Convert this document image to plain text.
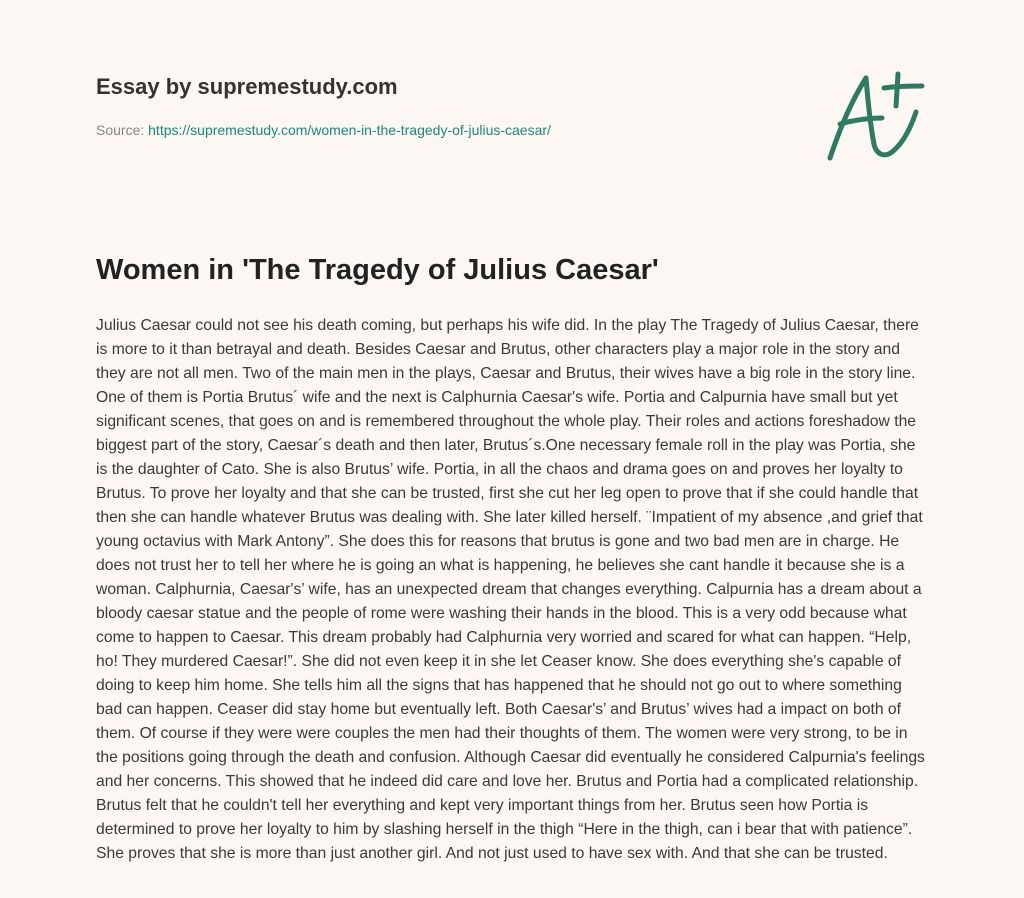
Essay by supremestudy.com
Source: https://supremestudy.com/women-in-the-tragedy-of-julius-caesar/
Women in 'The Tragedy of Julius Caesar'

Julius Caesar could not see his death coming, but perhaps his wife did. In the play The Tragedy of Julius Caesar, there is more to it than betrayal and death. Besides Caesar and Brutus, other characters play a major role in the story and they are not all men. Two of the main men in the plays, Caesar and Brutus, their wives have a big role in the story line. One of them is Portia Brutus´ wife and the next is Calphurnia Caesar's wife. Portia and Calpurnia have small but yet significant scenes, that goes on and is remembered throughout the whole play. Their roles and actions foreshadow the biggest part of the story, Caesar´s death and then later, Brutus´s.One necessary female roll in the play was Portia, she is the daughter of Cato. She is also Brutus’ wife. Portia, in all the chaos and drama goes on and proves her loyalty to Brutus. To prove her loyalty and that she can be trusted, first she cut her leg open to prove that if she could handle that then she can handle whatever Brutus was dealing with. She later killed herself. ¨Impatient of my absence ,and grief that young octavius with Mark Antony”. She does this for reasons that brutus is gone and two bad men are in charge. He does not trust her to tell her where he is going an what is happening, he believes she cant handle it because she is a woman. Calphurnia, Caesar's’ wife, has an unexpected dream that changes everything. Calpurnia has a dream about a bloody caesar statue and the people of rome were washing their hands in the blood. This is a very odd because what come to happen to Caesar. This dream probably had Calphurnia very worried and scared for what can happen. “Help, ho! They murdered Caesar!”. She did not even keep it in she let Ceaser know. She does everything she's capable of doing to keep him home. She tells him all the signs that has happened that he should not go out to where something bad can happen. Ceaser did stay home but eventually left. Both Caesar's’ and Brutus’ wives had a impact on both of them. Of course if they were were couples the men had their thoughts of them. The women were very strong, to be in the positions going through the death and confusion. Although Caesar did eventually he considered Calpurnia's feelings and her concerns. This showed that he indeed did care and love her. Brutus and Portia had a complicated relationship. Brutus felt that he couldn't tell her everything and kept very important things from her. Brutus seen how Portia is determined to prove her loyalty to him by slashing herself in the thigh “Here in the thigh, can i bear that with patience”. She proves that she is more than just another girl. And not just used to have sex with. And that she can be trusted.
